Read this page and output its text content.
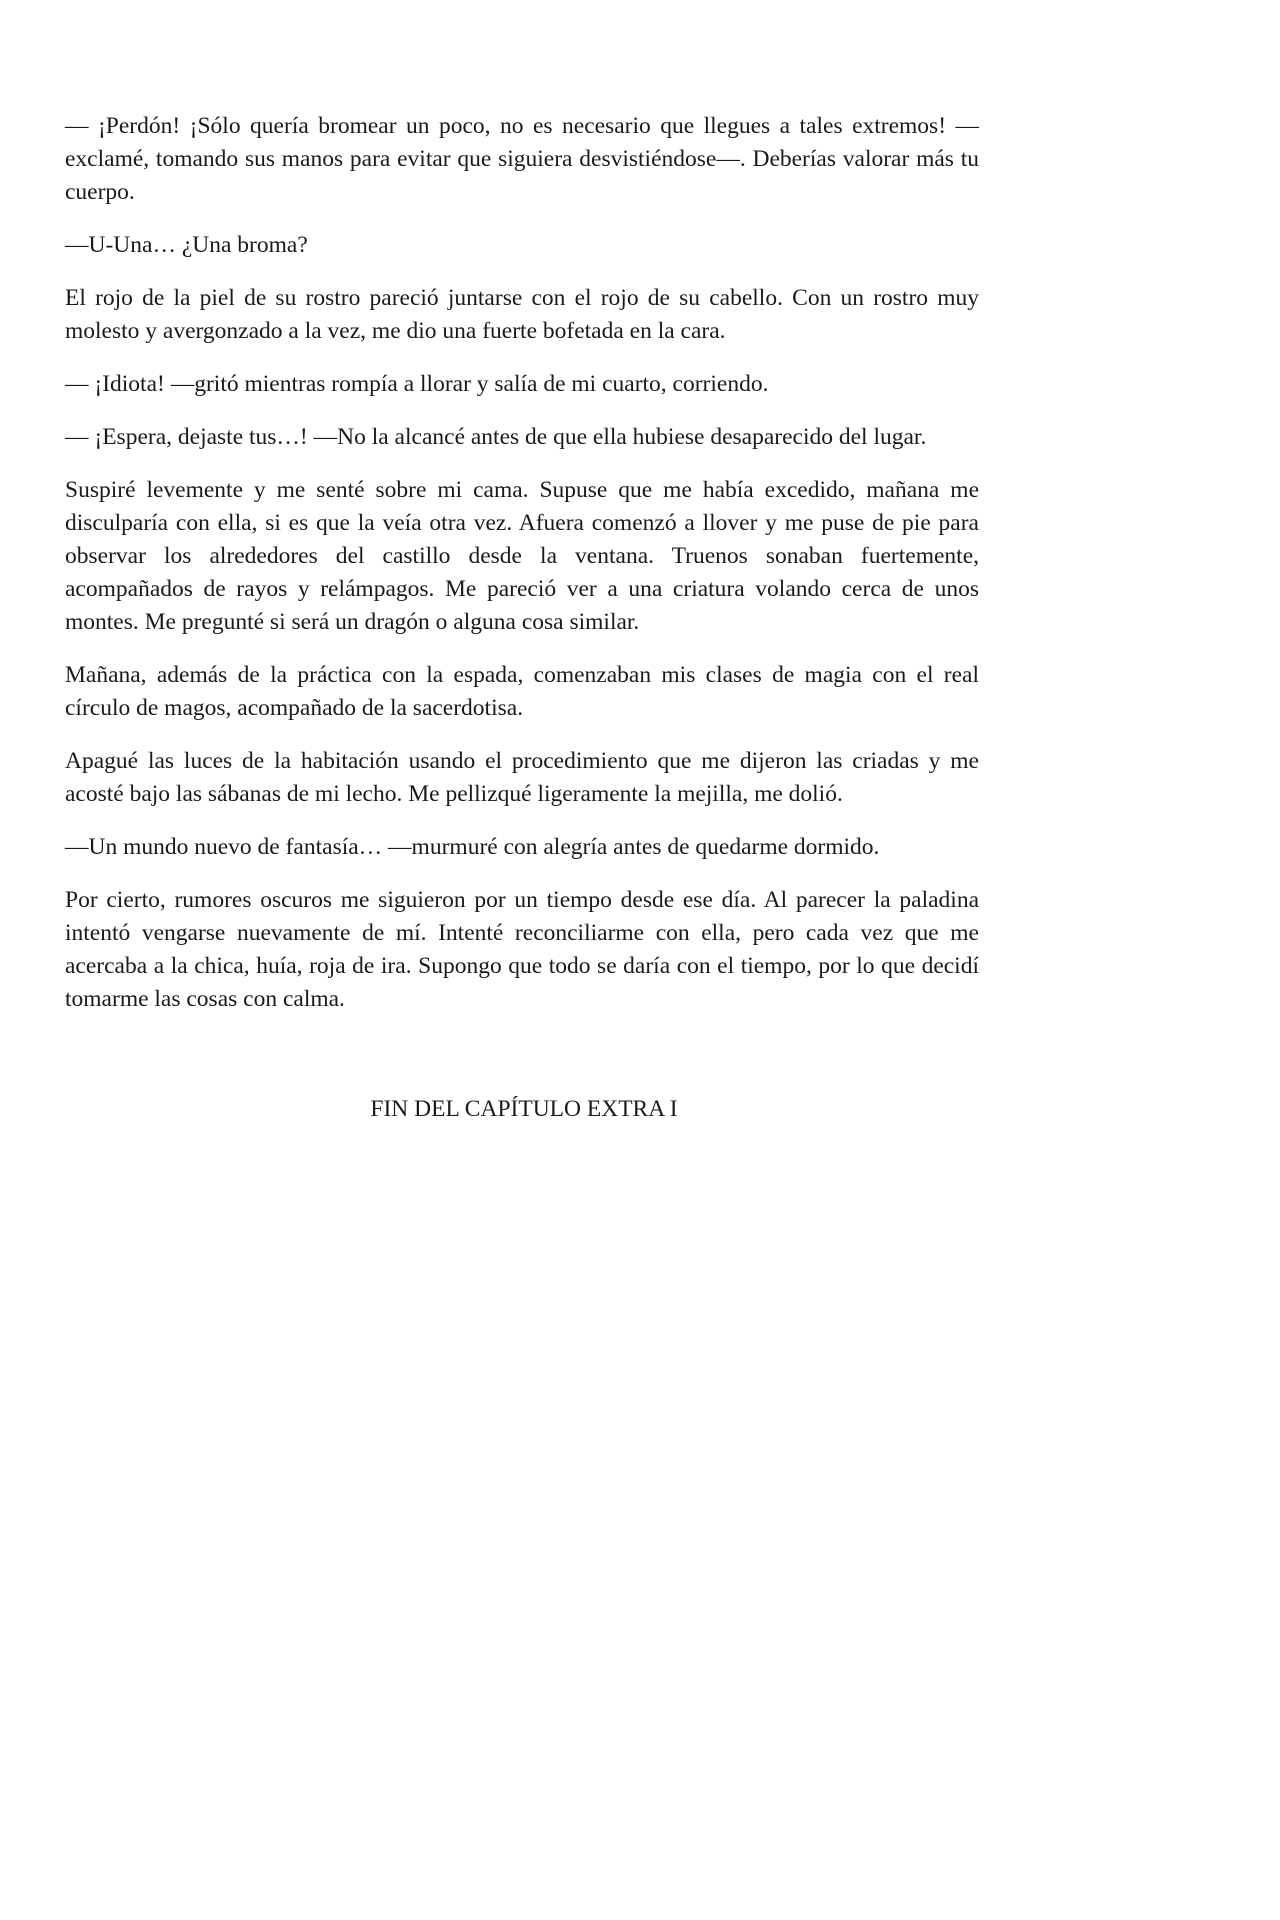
— ¡Perdón! ¡Sólo quería bromear un poco, no es necesario que llegues a tales extremos! —exclamé, tomando sus manos para evitar que siguiera desvistiéndose—. Deberías valorar más tu cuerpo.

—U-Una… ¿Una broma?

El rojo de la piel de su rostro pareció juntarse con el rojo de su cabello. Con un rostro muy molesto y avergonzado a la vez, me dio una fuerte bofetada en la cara.

— ¡Idiota! —gritó mientras rompía a llorar y salía de mi cuarto, corriendo.

— ¡Espera, dejaste tus…! —No la alcancé antes de que ella hubiese desaparecido del lugar.

Suspiré levemente y me senté sobre mi cama. Supuse que me había excedido, mañana me disculparía con ella, si es que la veía otra vez. Afuera comenzó a llover y me puse de pie para observar los alrededores del castillo desde la ventana. Truenos sonaban fuertemente, acompañados de rayos y relámpagos. Me pareció ver a una criatura volando cerca de unos montes. Me pregunté si será un dragón o alguna cosa similar.

Mañana, además de la práctica con la espada, comenzaban mis clases de magia con el real círculo de magos, acompañado de la sacerdotisa.

Apagué las luces de la habitación usando el procedimiento que me dijeron las criadas y me acosté bajo las sábanas de mi lecho. Me pellizqué ligeramente la mejilla, me dolió.

—Un mundo nuevo de fantasía… —murmuré con alegría antes de quedarme dormido.

Por cierto, rumores oscuros me siguieron por un tiempo desde ese día. Al parecer la paladina intentó vengarse nuevamente de mí. Intenté reconciliarme con ella, pero cada vez que me acercaba a la chica, huía, roja de ira. Supongo que todo se daría con el tiempo, por lo que decidí tomarme las cosas con calma.

FIN DEL CAPÍTULO EXTRA I
